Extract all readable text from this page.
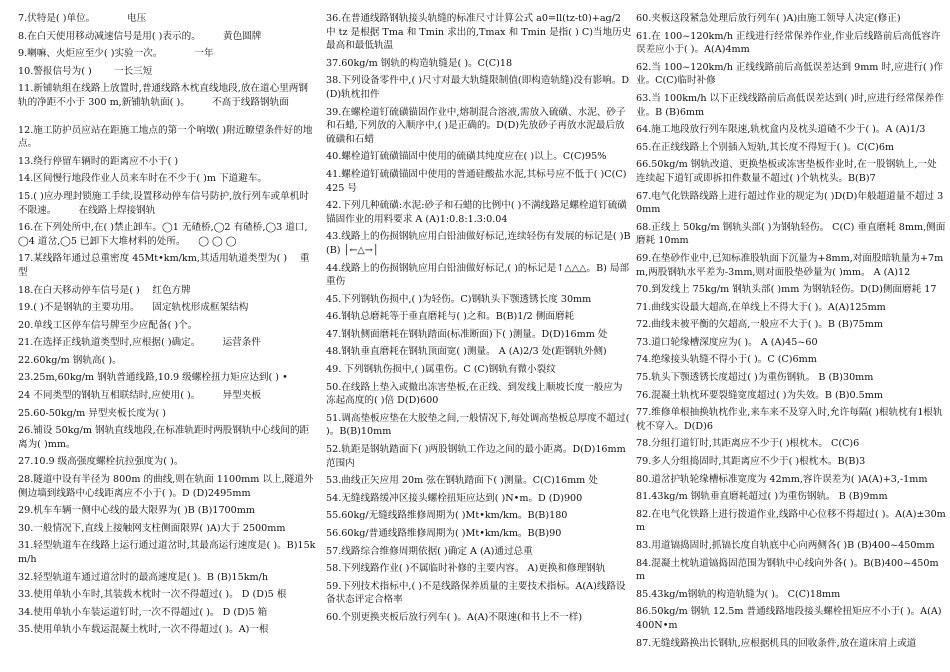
7.伏特是( )单位。 　　　电压

8.在白天使用移动减速信号是用( )表示的。 　　黄色圆牌

9.喇嘛、火炬应至少( )实验一次。 　　　一年

10.警报信号为( ) 　　一长三短

11.新铺轨组在线路上放置时,普通线路木枕直线地段,放在道心里两钢轨的净距不小于 300 m,新铺轨轨面( )。 　　不高于线路钢轨面

12.施工防护员应站在距施工地点的第一个响墩( )附近瞭望条件好的地点。

13.绕行停留车辆时的距离应不小于( )

14.区间慢行地段作业人员来车时在不少于( )m 下道避车。

15.( )应办理封锁施工手续,设置移动停车信号防护,放行列车或单机时不限速。 　　在线路上焊接钢轨

16.在下列处所中,在( )禁止卸车。◯1 无碴桥,◯2 有碴桥,◯3 道口,◯4 道岔,◯5 已卸下大堆材料的处所。 　◯ ◯ ◯

17.某线路年通过总重密度 45Mt•km/km,其适用轨道类型为( ) 　重型

18.在白天移动停车信号是( ) 　红色方牌

19.( )不是钢轨的主要功用。 　固定轨枕形成框架结构

20.单线工区停车信号牌至少应配备( )个。

21.在选择正线轨道类型时,应根据( )确定。 　　运营条件

22.60kg/m 钢轨高( )。

23.25m,60kg/m 钢轨普通线路,10.9 级螺栓扭力矩应达到( ) •

24 不同类型的钢轨互相联结时,应使用( )。 　　异型夹板

25.60-50kg/m 异型夹板长度为( )

26.铺设 50kg/m 钢轨直线地段,在标准轨距时两股钢轨中心线间的距离为( )mm。

27.10.9 级高强度螺栓抗拉强度为( )。

28.隧道中设有半径为 800m 的曲线,则在轨面 1100mm 以上,隧道外侧边墙到线路中心线距离应不小于( )。D (D)2495mm

29.机车车辆一侧中心线的最大限界为( )B (B)1700mm

30.一般情况下,直线上接触网支柱侧面限界( )A)大于 2500mm

31.轻型轨道车在线路上运行通过道岔时,其最高运行速度是( )。B)15km/h

32.轻型轨道车通过道岔时的最高速度是( )。B (B)15km/h

33.使用单轨小车时,其装载木枕时一次不得超过( )。 D (D)5 根

34.使用单轨小车装运道钉时,一次不得超过( )。 D (D)5 箱

35.使用单轨小车载运混凝土枕时,一次不得超过( )。A)一根

36.在普通线路钢轨接头轨缝的标准尺寸计算公式 a0=ll(tz-t0)+ag/2 中 tz 是根据 Tma 和 Tmin 求出的,Tmax 和 Tmin 是指( ) C)当地历史最高和最低轨温

37.60kg/m 钢轨的构造轨缝是( )。C(C)18

38.下列设备零件中,( )尺寸对最大轨缝限制值(即构造轨缝)没有影响。D(D)轨枕扣件

39.在螺栓道钉硫磺锚固作业中,熔制混合溶液,需放入硫磺、水泥、砂子和石蜡,下列放的入顺序中,( )是正确的。D(D)先放砂子再放水泥最后放硫磺和石蜡

40.螺栓道钉硫磺锚固中使用的硫磺其纯度应在( )以上。C(C)95%

41.螺栓道钉硫磺锚固中使用的普通硅酸盐水泥,其标号应不低于( )C(C)425 号

42.下列几种硫磺:水泥:砂子和石蜡的比例中( )不满线路足螺栓道钉硫磺锚固作业的用料要求 A (A)1:0.8:1.3:0.04

43.线路上的伤损钢轨应用白铅油做好标记,连续轻伤有发展的标记是( )B(B) │←△→│

44.线路上的伤损钢轨应用白铅油做好标记,( )的标记是↑△△△。B) 局部重伤

45.下列钢轨伤损中,( )为轻伤。C)钢轨头下颚透锈长度 30mm

46.钢轨总磨耗等于垂直磨耗与( )之和。B(B)1/2 侧面磨耗

47.钢轨侧面磨耗在钢轨踏面(标准断面)下( )测量。D(D)16mm 处

48.钢轨垂直磨耗在钢轨顶面宽( )测量。 A (A)2/3 处(距钢轨外侧)

49. 下列钢轨伤损中,( )属重伤。C (C)钢轨有微小裂纹

50.在线路上垫入或撤出冻害垫板,在正线、到发线上顺坡长度一般应为冻起高度的( )倍 D(D)600

51.调高垫板应垫在大胶垫之间,一般情况下,每处调高垫板总厚度不超过( )。B(B)10mm

52.轨距是钢轨踏面下( )两股钢轨工作边之间的最小距离。D(D)16mm 范围内

53.曲线正矢应用 20m 弦在钢轨踏面下( )测量。C(C)16mm 处

54.无缝线路缓冲区接头螺栓扭矩应达到( )N•m。D (D)900

55.60kg/无缝线路维修周期为( )Mt•km/km。B(B)180

56.60kg/普通线路维修周期为( )Mt•km/km。B(B)90

57.线路综合维修周期依据( )确定 A (A)通过总重

58.下列线路作业( )不属临时补修的主要内容。 A)更换和修理钢轨

59.下列技术指标中,( )不是线路保养质量的主要技术指标。A(A)线路设备状态评定合格率

60.个别更换夹板后放行列车( )。A(A)不限速(和书上不一样)

60.夹板这段紧急处理后放行列车( )A)由施工领导人决定(修正)

61.在 100~120km/h 正线进行经常保养作业,作业后线路前后高低容许误差应小于( )。A(A)4mm

62.当 100~120km/h 正线线路前后高低误差达到 9mm 时,应进行( )作业。C(C)临时补修

63.当 100km/h 以下正线线路前后高低误差达到( )时,应进行经常保养作业。B (B)6mm

64.施工地段放行列车限速,轨枕盒内及枕头道碴不少于( )。A (A)1/3

65.在正线线路上个别插入短轨,其长度不得短于( )。C(C)6m

66.50kg/m 钢轨改道、更换垫板或冻害垫板作业时,在一股钢轨上,一处连续起下道钉或即拆扣件数量不超过( )个轨枕头。B(B)7

67.电气化铁路线路上进行超过作业的规定为( )D(D)年般超道量不超过 30mm

68.正线上 50kg/m 钢轨头部( )为钢轨轻伤。 C(C) 垂直磨耗 8mm,侧面磨耗 10mm

69.在垫砂作业中,已知标准股轨面下沉量为+8mm,对面股暗轨量为+7mm,两股钢轨水平差为-3mm,则对面股垫砂量为( )mm。 A (A)12

70.到发线上 75kg/m 钢轨头部( )mm 为钢轨轻伤。D(D)侧面磨耗 17

71.曲线实设最大超高,在单线上不得大于( )。A(A)125mm

72.曲线未被平衡的欠超高,一般应不大于( )。B (B)75mm

73.道口轮缘槽深度应为( )。 A (A)45~60

74.绝缘接头轨缝不得小于( )。C (C)6mm

75.轨头下颚透锈长度超过( )为重伤钢轨。 B (B)30mm

76.混凝土轨枕环要裂缝宽度超过( )为失效。B (B)0.5mm

77.维修单根抽换轨枕作业,来车来不及穿入时,允许每隔( )根轨枕有1根轨枕不穿入。D(D)6

78.分组打道钉时,其距离应不少于( )根枕木。 C(C)6

79.多人分组捣固时,其距离应不少于( )根枕木。B(B)3

80.道岔护轨轮缘槽标准宽度为 42mm,容许误差为( )A(A)+3,-1mm

81.43kg/m 钢轨垂直磨耗超过( )为重伤钢轨。 B (B)9mm

82.在电气化铁路上进行拨道作业,线路中心位移不得超过( )。A(A)±30mm

83.用道镐捣固时,抓镐长度自轨底中心向两侧各( )B (B)400~450mm

84.混凝土枕轨道镐捣固范围为钢轨中心线向外各( )。B(B)400~450mm

85.43kg/m钢轨的构造轨缝为( )。 C(C)18mm

86.50kg/m 钢轨 12.5m 普通线路地段接头螺栓扭矩应不小于( )。A(A)400N•m

87.无缝线路换出长钢轨,应根据机具的回收条件,放在道床肩上或道
